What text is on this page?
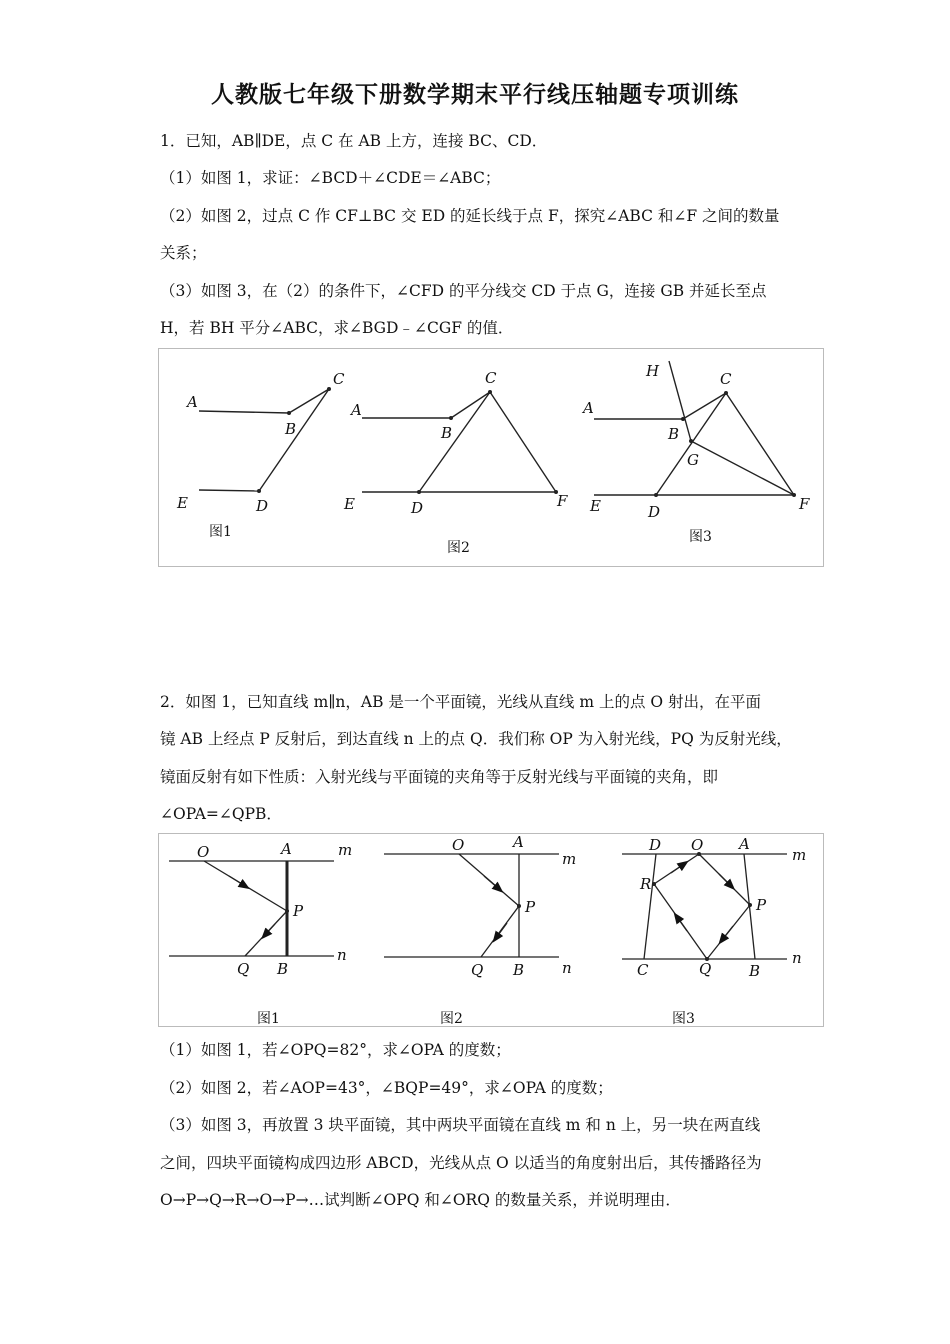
人教版七年级下册数学期末平行线压轴题专项训练
1．已知，AB∥DE，点 C 在 AB 上方，连接 BC、CD．
（1）如图 1，求证：∠BCD＋∠CDE＝∠ABC；
（2）如图 2，过点 C 作 CF⊥BC 交 ED 的延长线于点 F，探究∠ABC 和∠F 之间的数量
关系；
（3）如图 3，在（2）的条件下，∠CFD 的平分线交 CD 于点 G，连接 GB 并延长至点
H，若 BH 平分∠ABC，求∠BGD﹣∠CGF 的值．
A
B
C
D
E
A
B
C
D
E	F
H
A
B
C
G
D
E	F
图1
图2
图3
2．如图 1，已知直线 m∥n，AB 是一个平面镜，光线从直线 m 上的点 O 射出，在平面
镜 AB 上经点 P 反射后，到达直线 n 上的点 Q．我们称 OP 为入射光线，PQ 为反射光线，
镜面反射有如下性质：入射光线与平面镜的夹角等于反射光线与平面镜的夹角，即
∠OPA=∠QPB．
O	A	m
P
Q B
n
O	A
m
P
Q B	n
D O A
m
R
P
C	Q	B
n
图1	图2	图3
（1）如图 1，若∠OPQ=82°，求∠OPA 的度数；
（2）如图 2，若∠AOP=43°，∠BQP=49°，求∠OPA 的度数；
（3）如图 3，再放置 3 块平面镜，其中两块平面镜在直线 m 和 n 上，另一块在两直线
之间，四块平面镜构成四边形 ABCD，光线从点 O 以适当的角度射出后，其传播路径为
O→P→Q→R→O→P→…试判断∠OPQ 和∠ORQ 的数量关系，并说明理由．
